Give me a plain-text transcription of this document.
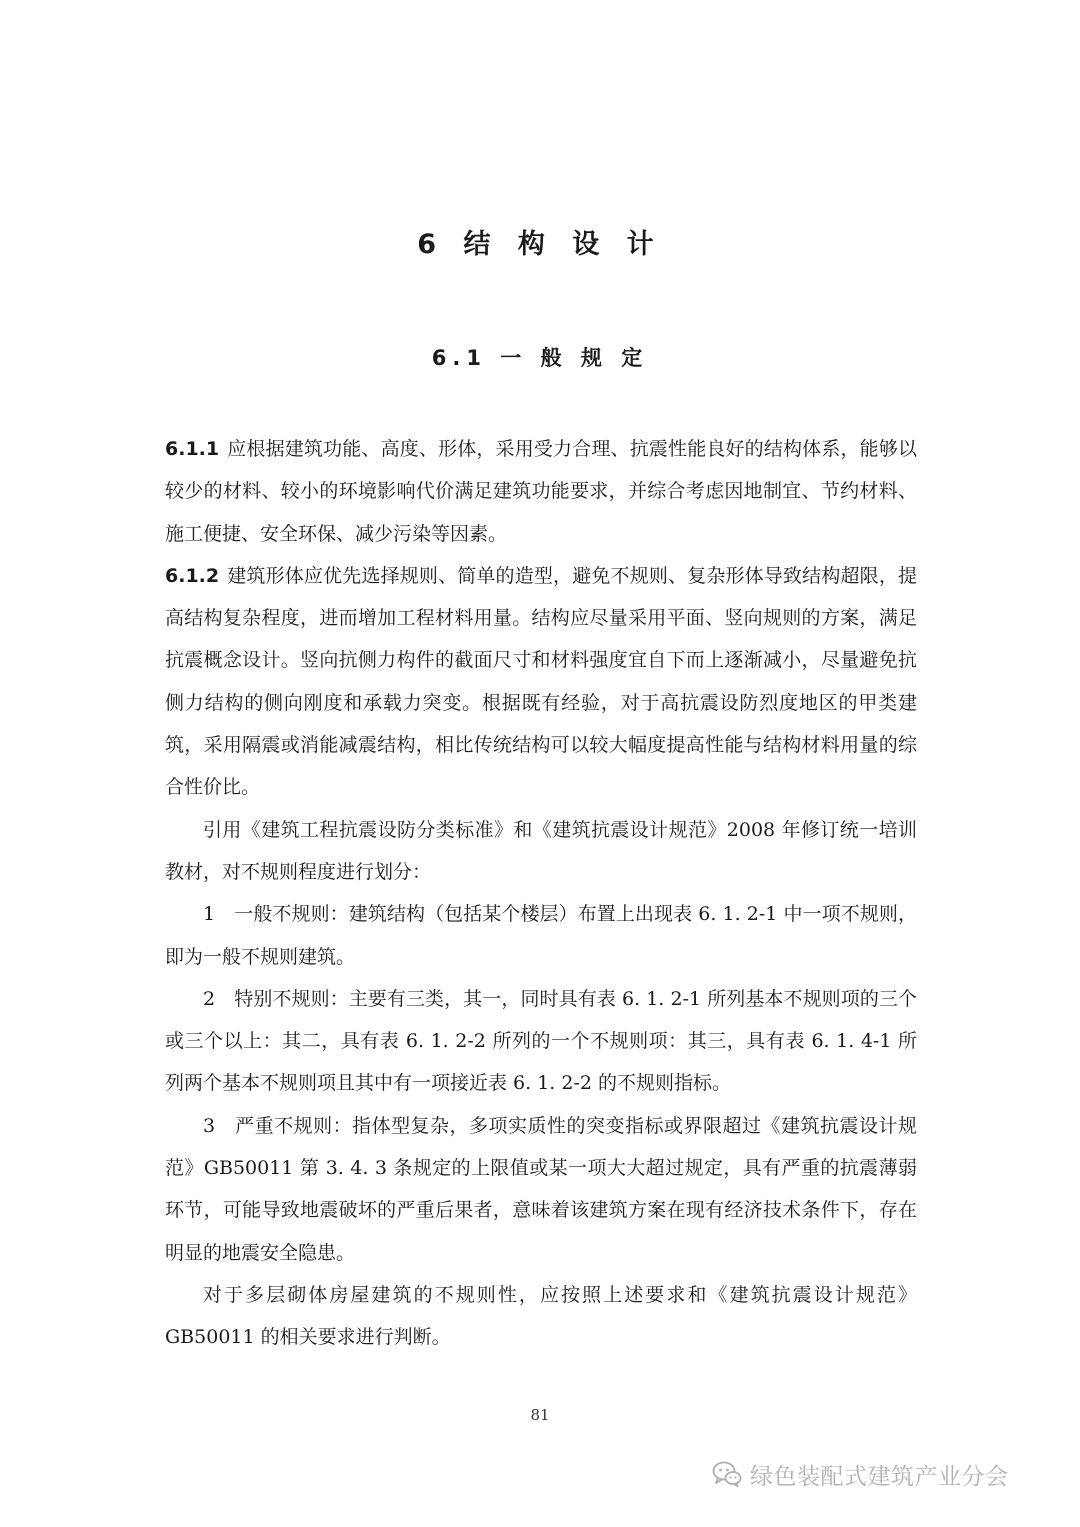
6 结 构 设 计
6.1 一 般 规 定

6.1.1 应根据建筑功能、高度、形体，采用受力合理、抗震性能良好的结构体系，能够以较少的材料、较小的环境影响代价满足建筑功能要求，并综合考虑因地制宜、节约材料、施工便捷、安全环保、减少污染等因素。

6.1.2 建筑形体应优先选择规则、简单的造型，避免不规则、复杂形体导致结构超限，提高结构复杂程度，进而增加工程材料用量。结构应尽量采用平面、竖向规则的方案，满足抗震概念设计。竖向抗侧力构件的截面尺寸和材料强度宜自下而上逐渐减小，尽量避免抗侧力结构的侧向刚度和承载力突变。根据既有经验，对于高抗震设防烈度地区的甲类建筑，采用隔震或消能减震结构，相比传统结构可以较大幅度提高性能与结构材料用量的综合性价比。

引用《建筑工程抗震设防分类标准》和《建筑抗震设计规范》2008 年修订统一培训教材，对不规则程度进行划分：

1　一般不规则：建筑结构（包括某个楼层）布置上出现表 6. 1. 2-1 中一项不规则，即为一般不规则建筑。

2　特别不规则：主要有三类，其一，同时具有表 6. 1. 2-1 所列基本不规则项的三个或三个以上：其二，具有表 6. 1. 2-2 所列的一个不规则项：其三，具有表 6. 1. 4-1 所列两个基本不规则项且其中有一项接近表 6. 1. 2-2 的不规则指标。

3　严重不规则：指体型复杂，多项实质性的突变指标或界限超过《建筑抗震设计规范》GB50011 第 3. 4. 3 条规定的上限值或某一项大大超过规定，具有严重的抗震薄弱环节，可能导致地震破坏的严重后果者，意味着该建筑方案在现有经济技术条件下，存在明显的地震安全隐患。

对于多层砌体房屋建筑的不规则性，应按照上述要求和《建筑抗震设计规范》GB50011 的相关要求进行判断。

81
绿色装配式建筑产业分会
